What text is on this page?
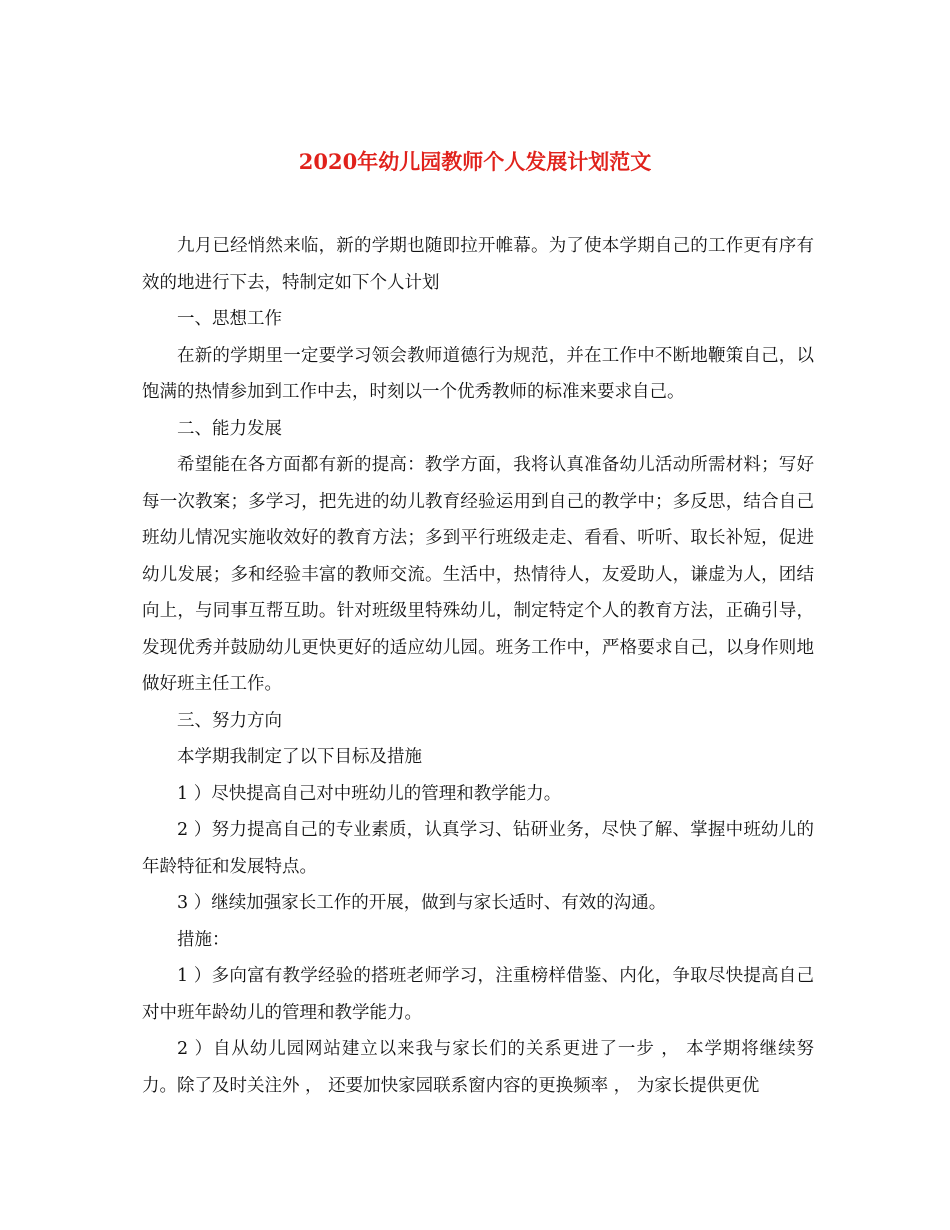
2020年幼儿园教师个人发展计划范文

九月已经悄然来临，新的学期也随即拉开帷幕。为了使本学期自己的工作更有序有效的地进行下去，特制定如下个人计划

一、思想工作

在新的学期里一定要学习领会教师道德行为规范，并在工作中不断地鞭策自己，以饱满的热情参加到工作中去，时刻以一个优秀教师的标准来要求自己。

二、能力发展

希望能在各方面都有新的提高：教学方面，我将认真准备幼儿活动所需材料；写好每一次教案；多学习，把先进的幼儿教育经验运用到自己的教学中；多反思，结合自己班幼儿情况实施收效好的教育方法；多到平行班级走走、看看、听听、取长补短，促进幼儿发展；多和经验丰富的教师交流。生活中，热情待人，友爱助人，谦虚为人，团结向上，与同事互帮互助。针对班级里特殊幼儿，制定特定个人的教育方法，正确引导，发现优秀并鼓励幼儿更快更好的适应幼儿园。班务工作中，严格要求自己，以身作则地做好班主任工作。

三、努力方向

本学期我制定了以下目标及措施

1 ）尽快提高自己对中班幼儿的管理和教学能力。

2 ）努力提高自己的专业素质，认真学习、钻研业务，尽快了解、掌握中班幼儿的年龄特征和发展特点。

3 ）继续加强家长工作的开展，做到与家长适时、有效的沟通。

措施：

1 ）多向富有教学经验的搭班老师学习，注重榜样借鉴、内化，争取尽快提高自己对中班年龄幼儿的管理和教学能力。

2 ）自从幼儿园网站建立以来我与家长们的关系更进了一步 ， 本学期将继续努力。除了及时关注外 ， 还要加快家园联系窗内容的更换频率 ， 为家长提供更优
